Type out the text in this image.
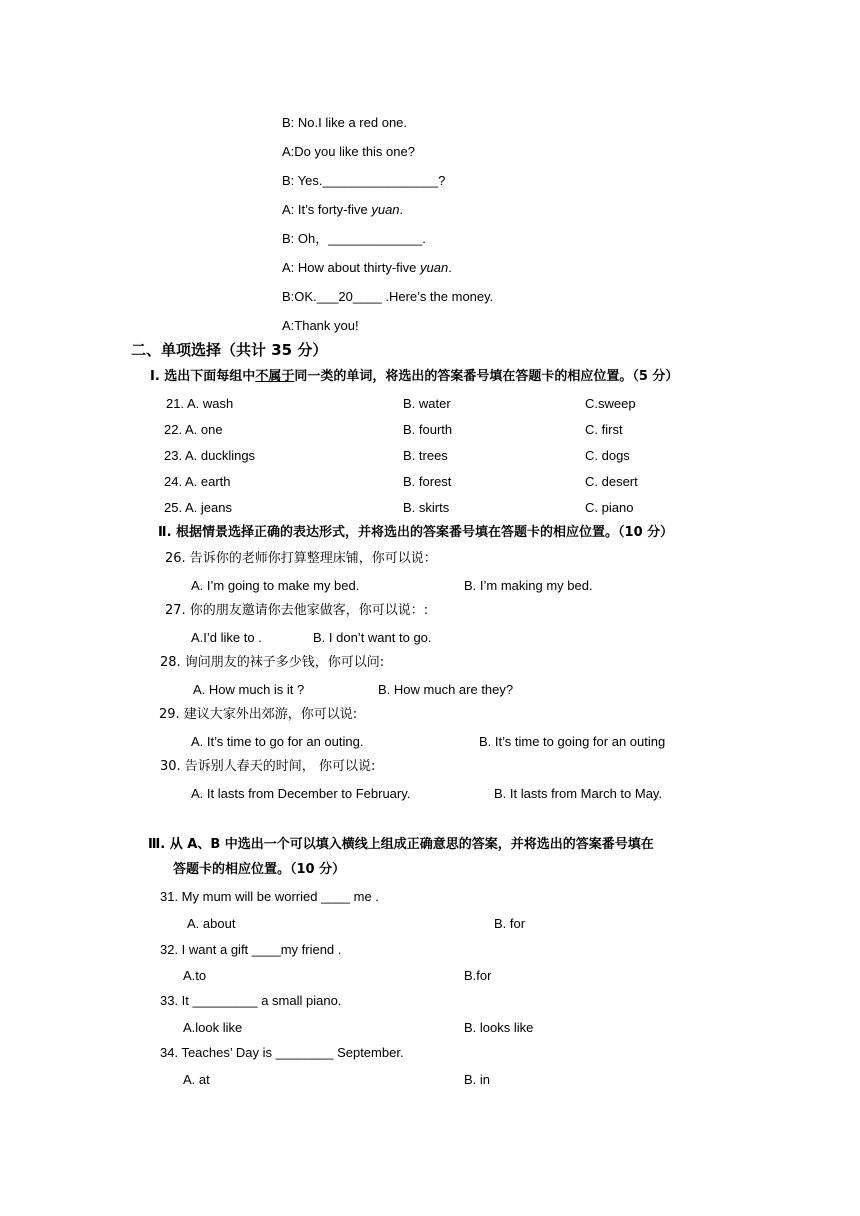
B: No.I like a red one.
A:Do you like this one?
B: Yes.________________?
A: It’s forty-five yuan.
B: Oh，_____________.
A: How about thirty-five yuan.
B:OK.___20____ .Here’s the money.
A:Thank you!
二、单项选择（共计 35 分）
Ⅰ. 选出下面每组中不属于同一类的单词，将选出的答案番号填在答题卡的相应位置。（5 分）
21. A. wash	B. water	C.sweep
22. A. one	B. fourth	C. first
23. A. ducklings	B. trees	C. dogs
24. A. earth	B. forest	C. desert
25. A. jeans	B. skirts	C. piano
Ⅱ. 根据情景选择正确的表达形式，并将选出的答案番号填在答题卡的相应位置。（10 分）
26. 告诉你的老师你打算整理床铺，你可以说：
A. I’m going to make my bed.	B. I’m making my bed.
27. 你的朋友邀请你去他家做客，你可以说：:
A.I’d like to .	B. I don’t want to go.
28. 询问朋友的袜子多少钱，你可以问:
A. How much is it ?	B. How much are they?
29. 建议大家外出郊游，你可以说:
A. It’s time to go for an outing.	B. It’s time to going for an outing
30. 告诉别人春天的时间， 你可以说:
A. It lasts from December to February.	B. It lasts from March to May.
Ⅲ. 从 A、B 中选出一个可以填入横线上组成正确意思的答案，并将选出的答案番号填在
答题卡的相应位置。（10 分）
31. My mum will be worried ____ me .
A. about	B. for
32. I want a gift ____my friend .
A.to	B.for
33. It _________ a small piano.
A.look like	B. looks like
34. Teaches’ Day is ________ September.
A. at	B. in
